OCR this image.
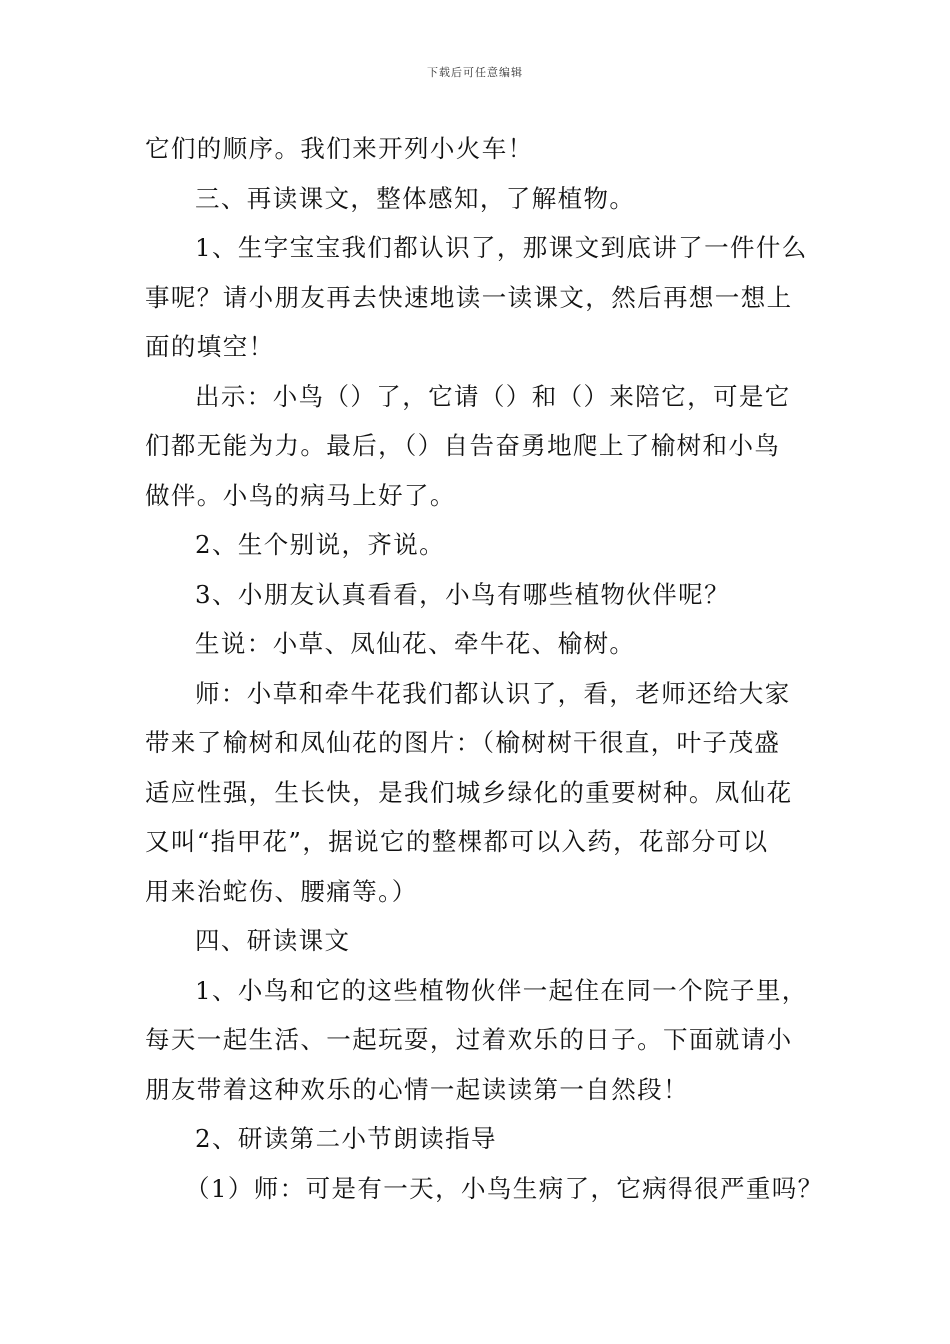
下载后可任意编辑
它们的顺序。我们来开列小火车！
三、再读课文，整体感知，了解植物。
1、生字宝宝我们都认识了，那课文到底讲了一件什么
事呢？请小朋友再去快速地读一读课文，然后再想一想上
面的填空！
出示：小鸟（）了，它请（）和（）来陪它，可是它
们都无能为力。最后，（）自告奋勇地爬上了榆树和小鸟
做伴。小鸟的病马上好了。
2、生个别说，齐说。
3、小朋友认真看看，小鸟有哪些植物伙伴呢？
生说：小草、凤仙花、牵牛花、榆树。
师：小草和牵牛花我们都认识了，看，老师还给大家
带来了榆树和凤仙花的图片：（榆树树干很直，叶子茂盛
适应性强，生长快，是我们城乡绿化的重要树种。凤仙花
又叫“指甲花”，据说它的整棵都可以入药，花部分可以
用来治蛇伤、腰痛等。）
四、研读课文
1、小鸟和它的这些植物伙伴一起住在同一个院子里，
每天一起生活、一起玩耍，过着欢乐的日子。下面就请小
朋友带着这种欢乐的心情一起读读第一自然段！
2、研读第二小节朗读指导
（1）师：可是有一天，小鸟生病了，它病得很严重吗？
